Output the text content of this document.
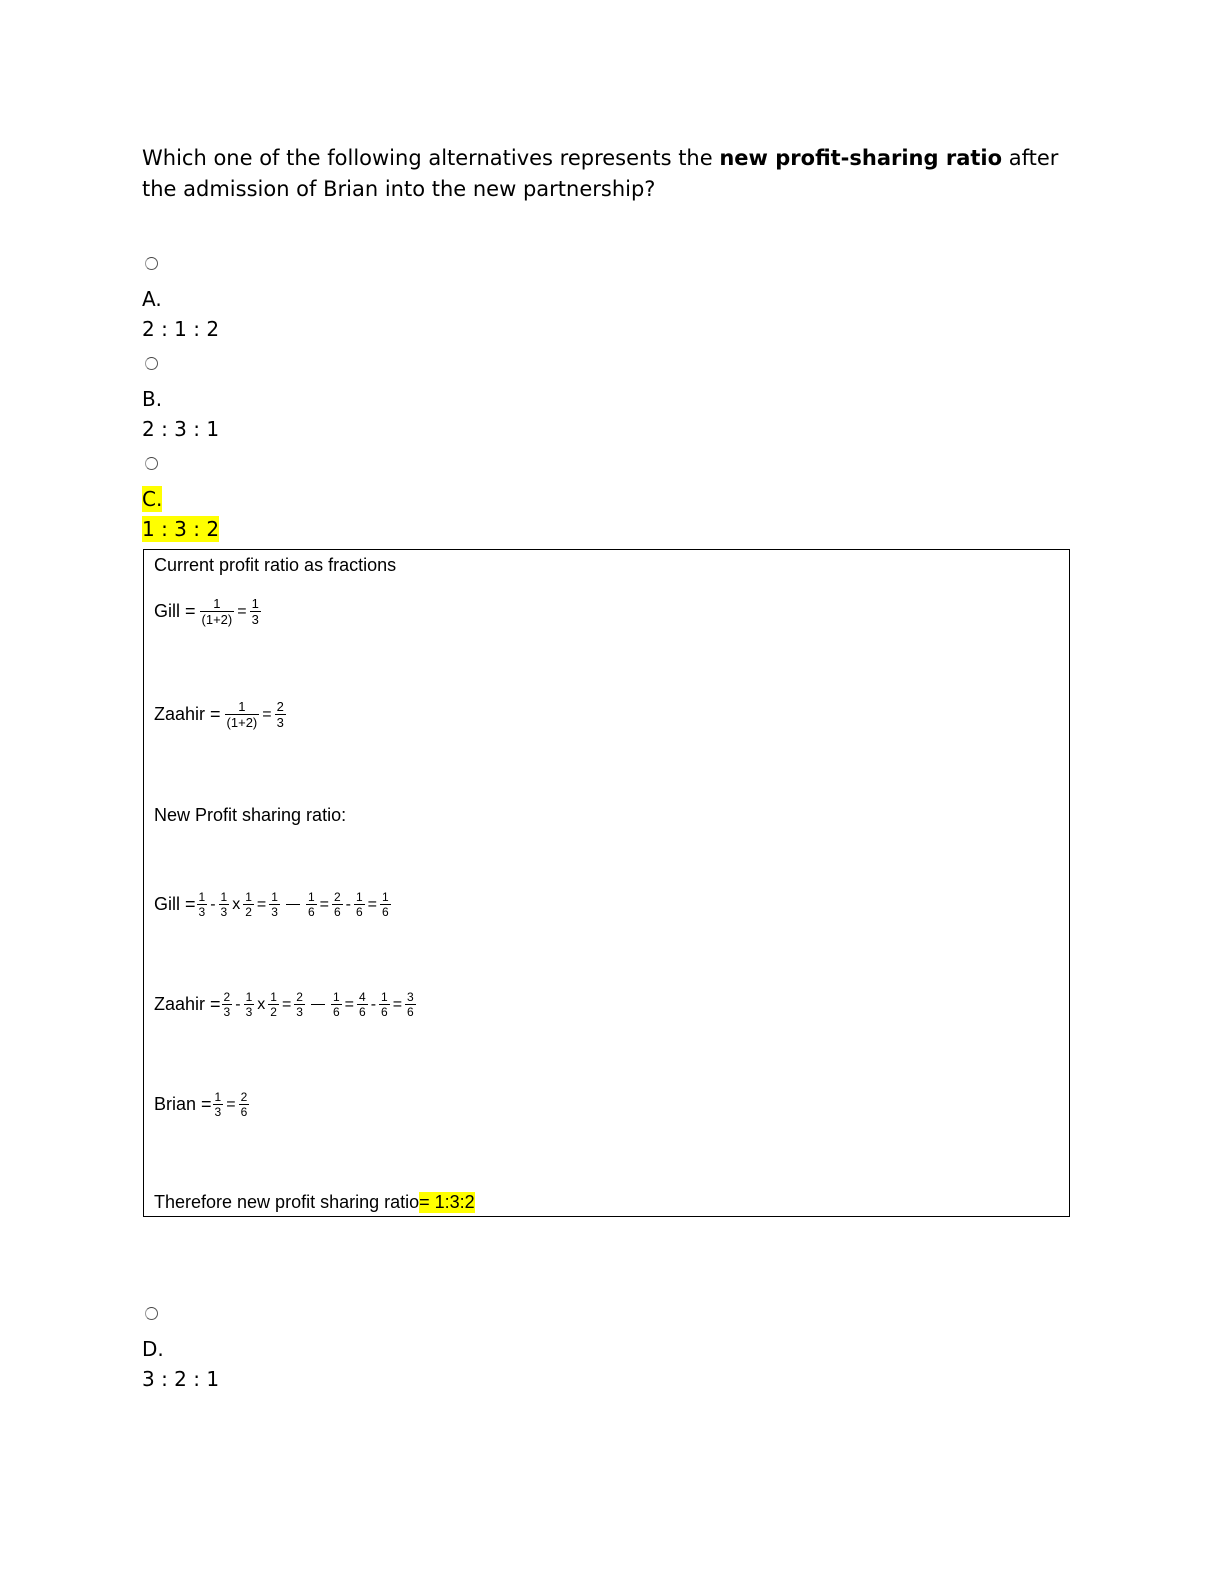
Which one of the following alternatives represents the new profit-sharing ratio after the admission of Brian into the new partnership?
A.
2 : 1 : 2
B.
2 : 3 : 1
C.
1 : 3 : 2
Current profit ratio as fractions
Gill = $\frac{1}{(1+2)} = \frac{1}{3}$
Zaahir = $\frac{1}{(1+2)} = \frac{2}{3}$
New Profit sharing ratio:
Gill = $\frac{1}{3} - \frac{1}{3}$ x $\frac{1}{2} = \frac{1}{3} \frac{1}{6} = \frac{2}{6} - \frac{1}{6} = \frac{1}{6}$
Zaahir = $\frac{2}{3} - \frac{1}{3}$ x $\frac{1}{2} = \frac{2}{3} \frac{1}{6} = \frac{4}{6} - \frac{1}{6} = \frac{3}{6}$
Brian = $\frac{1}{3} = \frac{2}{6}$
Therefore new profit sharing ratio = 1:3:2
D.
3 : 2 : 1
